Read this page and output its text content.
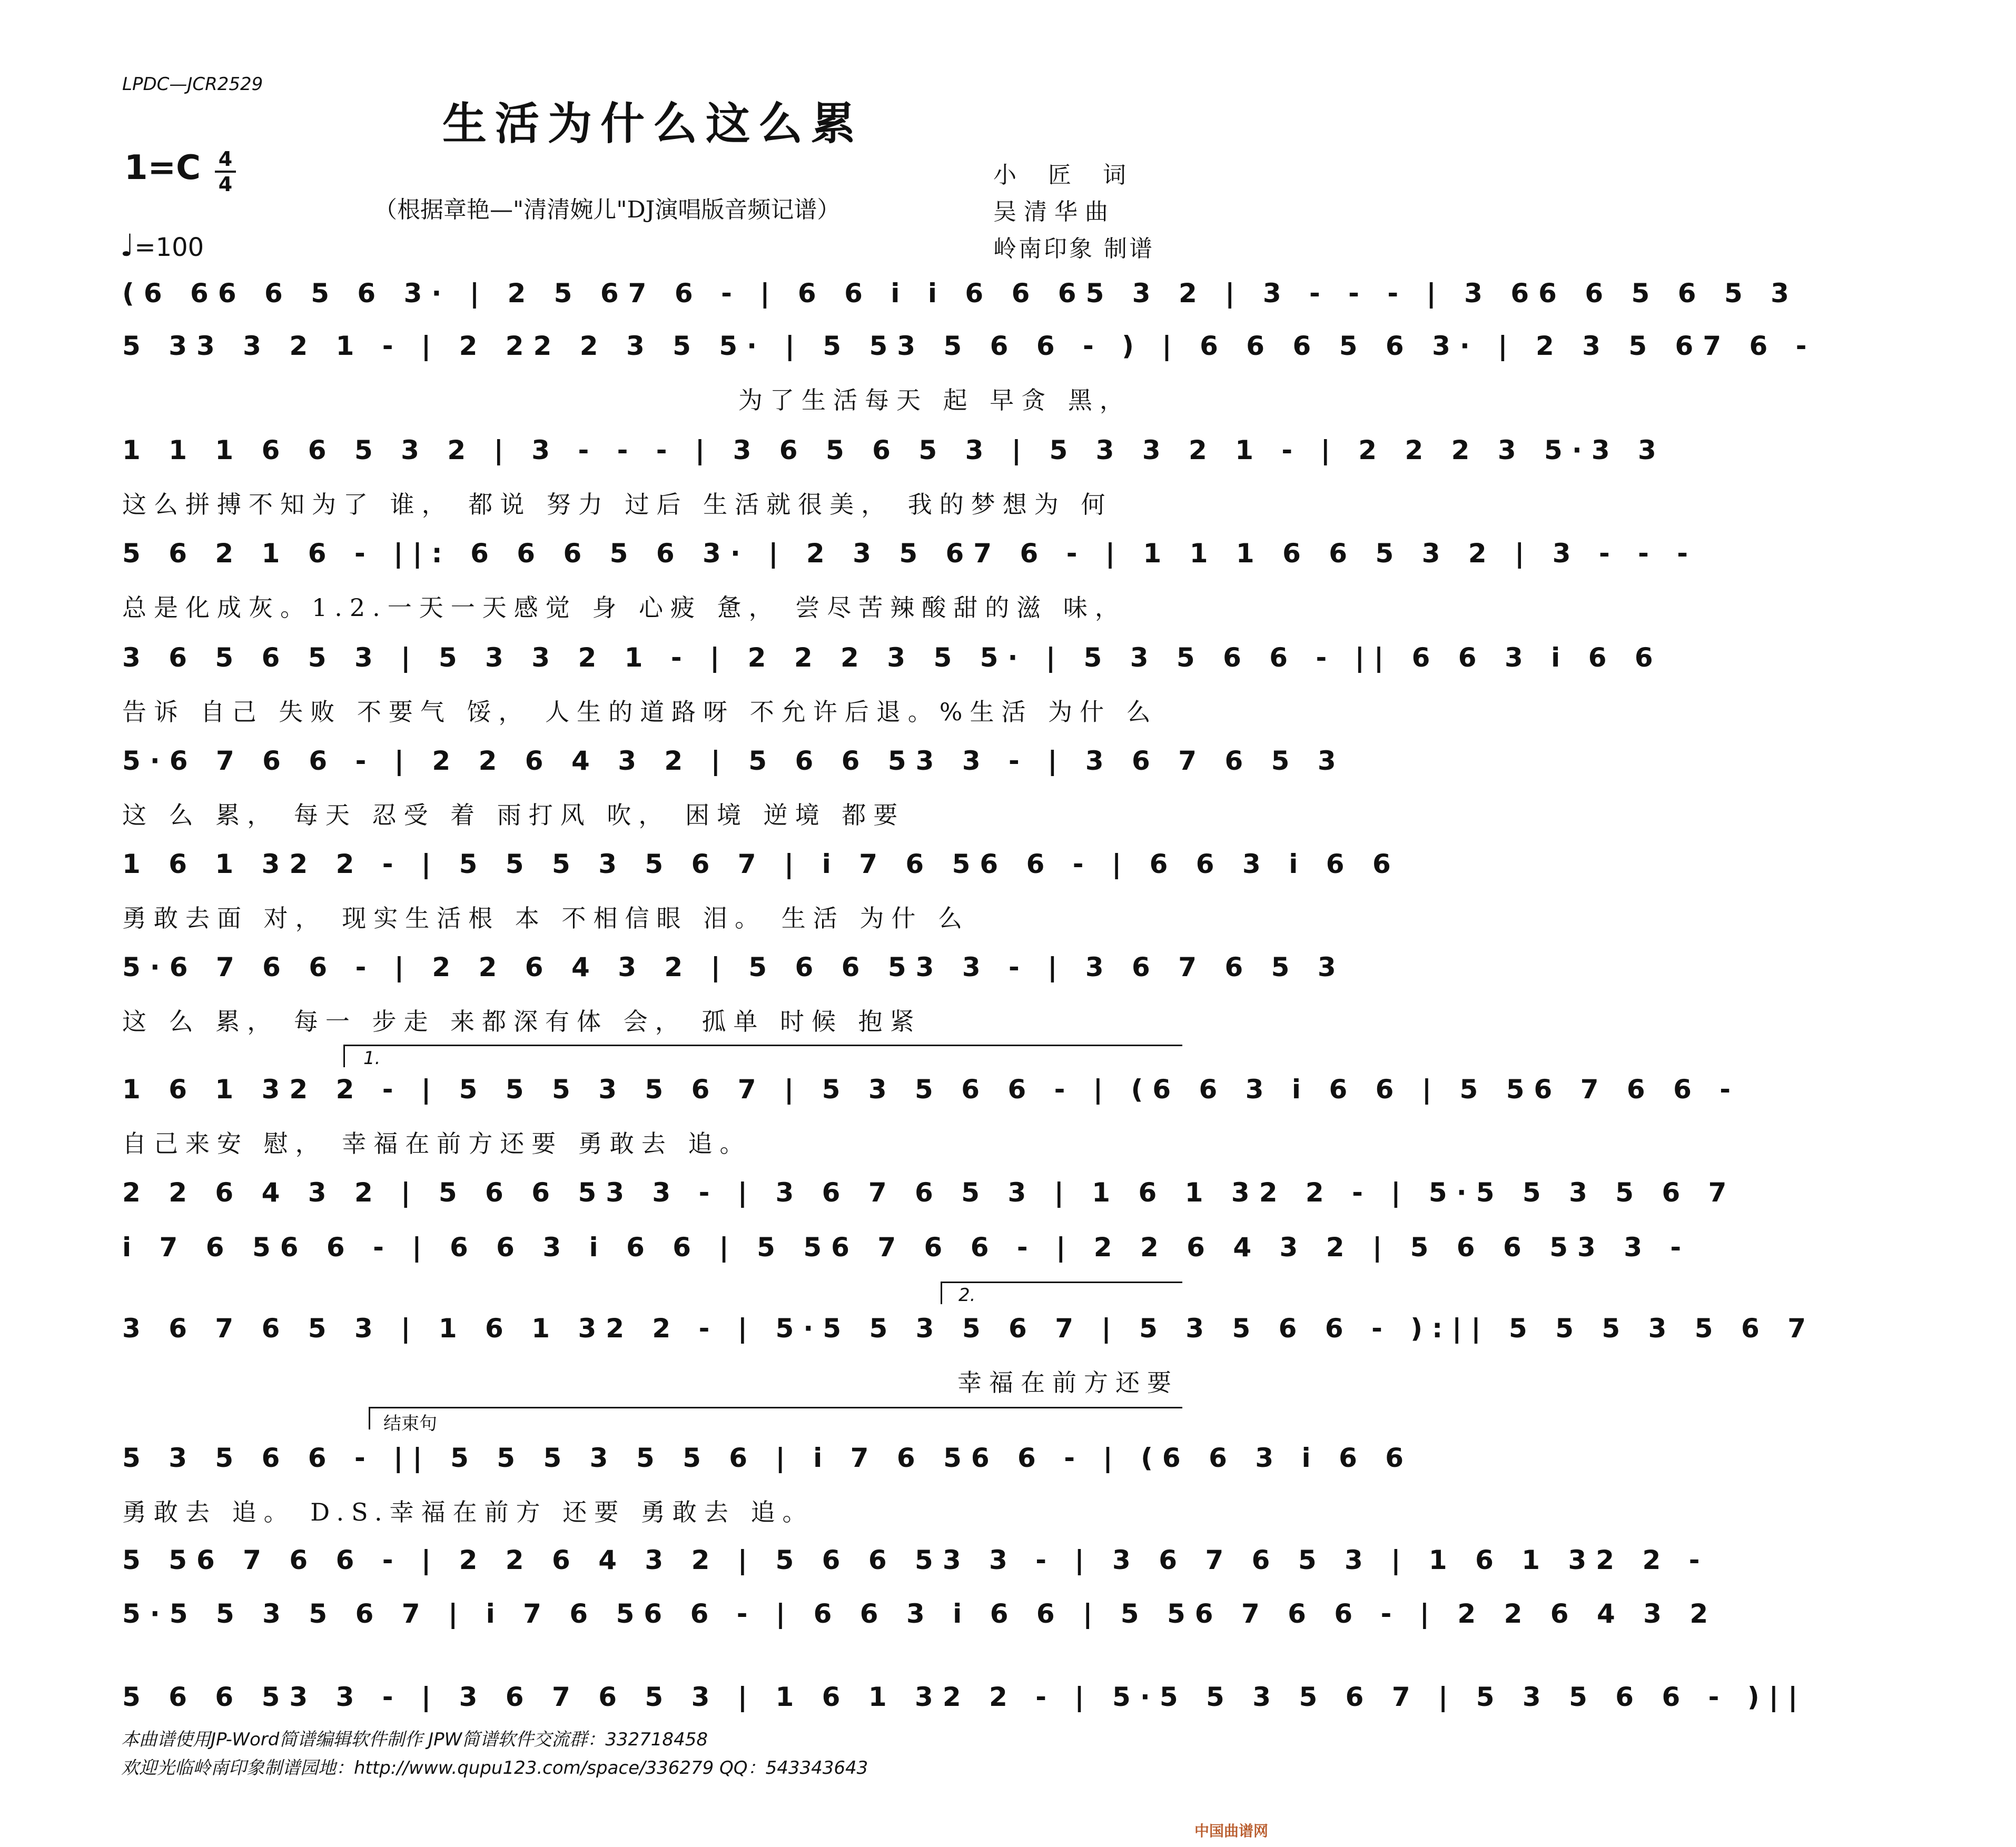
LPDC—JCR2529
生活为什么这么累
1=C 4
4
♩=100
（根据章艳—"清清婉儿"DJ演唱版音频记谱）
小匠词
吴清华曲
岭南印象 制谱
(6 66 6 5 6 3· | 2 5 67 6 - | 6 6 i i 6 6 65 3 2 | 3 - - - | 3 66 6 5 6 5 3
5 33 3 2 1 - | 2 22 2 3 5 5· | 5 53 5 6 6 - ) | 6 6 6 5 6 3· | 2 3 5 67 6 -
为了生活每天 起 早贪 黑，
1 1 1 6 6 5 3 2 | 3 - - - | 3 6 5 6 5 3 | 5 3 3 2 1 - | 2 2 2 3 5·3 3
这么拼搏不知为了 谁， 都说 努力 过后 生活就很美， 我的梦想为 何
5 6 2 1 6 - ||: 6 6 6 5 6 3· | 2 3 5 67 6 - | 1 1 1 6 6 5 3 2 | 3 - - -
总是化成灰。1.2.一天一天感觉 身 心疲 惫， 尝尽苦辣酸甜的滋 味，
3 6 5 6 5 3 | 5 3 3 2 1 - | 2 2 2 3 5 5· | 5 3 5 6 6 - || 6 6 3 i 6 6
告诉 自己 失败 不要气 馁， 人生的道路呀 不允许后退。%生活 为什 么
5·6 7 6 6 - | 2 2 6 4 3 2 | 5 6 6 53 3 - | 3 6 7 6 5 3
这 么 累， 每天 忍受 着 雨打风 吹， 困境 逆境 都要
1 6 1 32 2 - | 5 5 5 3 5 6 7 | i 7 6 56 6 - | 6 6 3 i 6 6
勇敢去面 对， 现实生活根 本 不相信眼 泪。 生活 为什 么
5·6 7 6 6 - | 2 2 6 4 3 2 | 5 6 6 53 3 - | 3 6 7 6 5 3
这 么 累， 每一 步走 来都深有体 会， 孤单 时候 抱紧
1.
1 6 1 32 2 - | 5 5 5 3 5 6 7 | 5 3 5 6 6 - | (6 6 3 i 6 6 | 5 56 7 6 6 -
自己来安 慰， 幸福在前方还要 勇敢去 追。
2 2 6 4 3 2 | 5 6 6 53 3 - | 3 6 7 6 5 3 | 1 6 1 32 2 - | 5·5 5 3 5 6 7
i 7 6 56 6 - | 6 6 3 i 6 6 | 5 56 7 6 6 - | 2 2 6 4 3 2 | 5 6 6 53 3 -
2.
3 6 7 6 5 3 | 1 6 1 32 2 - | 5·5 5 3 5 6 7 | 5 3 5 6 6 - ):|| 5 5 5 3 5 6 7
幸福在前方还要
结束句
5 3 5 6 6 - || 5 5 5 3 5 5 6 | i 7 6 56 6 - | (6 6 3 i 6 6
勇敢去 追。 D.S.幸福在前方 还要 勇敢去 追。
5 56 7 6 6 - | 2 2 6 4 3 2 | 5 6 6 53 3 - | 3 6 7 6 5 3 | 1 6 1 32 2 -
5·5 5 3 5 6 7 | i 7 6 56 6 - | 6 6 3 i 6 6 | 5 56 7 6 6 - | 2 2 6 4 3 2
5 6 6 53 3 - | 3 6 7 6 5 3 | 1 6 1 32 2 - | 5·5 5 3 5 6 7 | 5 3 5 6 6 - )||
本曲谱使用JP-Word简谱编辑软件制作 JPW简谱软件交流群：332718458
欢迎光临岭南印象制谱园地：http://www.qupu123.com/space/336279 QQ：543343643
中国曲谱网
